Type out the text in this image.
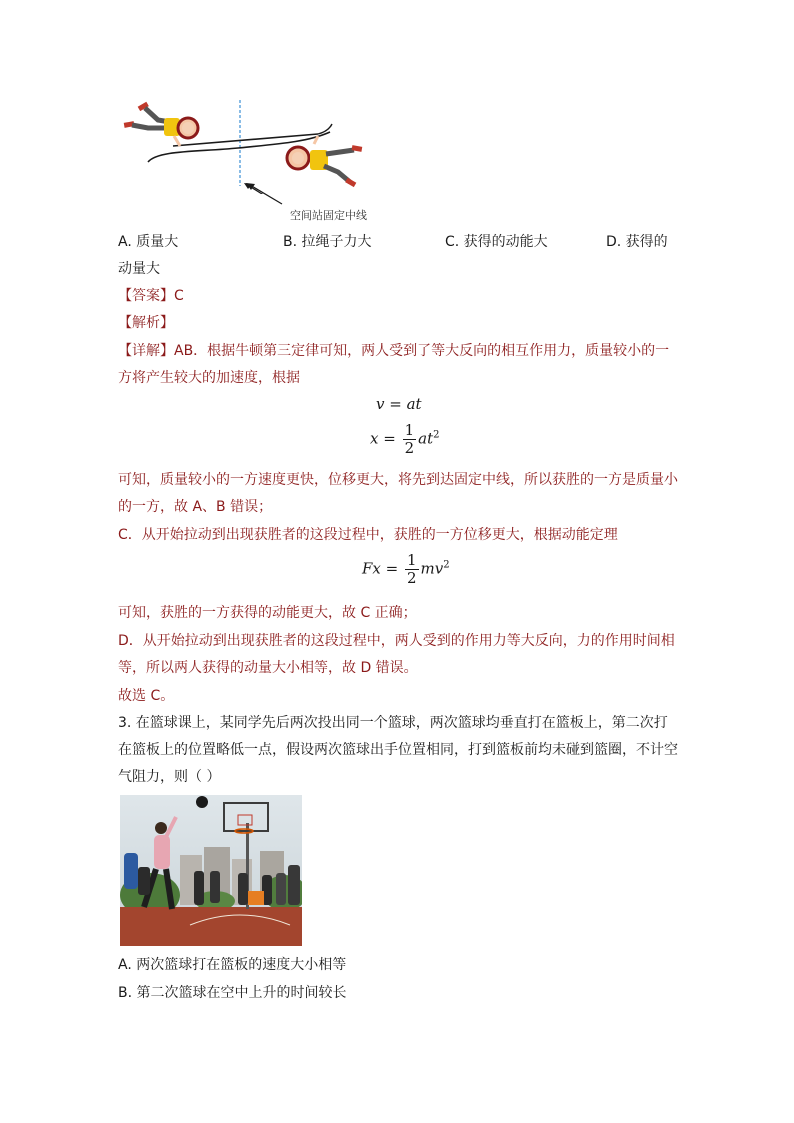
空间站固定中线
A. 质量大	B. 拉绳子力大	C. 获得的动能大	D. 获得的
动量大
【答案】C
【解析】
【详解】AB．根据牛顿第三定律可知，两人受到了等大反向的相互作用力，质量较小的一
方将产生较大的加速度，根据
v = at
$x = \frac{1}{2} at^2$
可知，质量较小的一方速度更快，位移更大，将先到达固定中线，所以获胜的一方是质量小
的一方，故 A、B 错误；
C．从开始拉动到出现获胜者的这段过程中，获胜的一方位移更大，根据动能定理
$Fx = \frac{1}{2} mv^2$
可知，获胜的一方获得的动能更大，故 C 正确；
D．从开始拉动到出现获胜者的这段过程中，两人受到的作用力等大反向，力的作用时间相
等，所以两人获得的动量大小相等，故 D 错误。
故选 C。
3. 在篮球课上，某同学先后两次投出同一个篮球，两次篮球均垂直打在篮板上，第二次打
在篮板上的位置略低一点，假设两次篮球出手位置相同，打到篮板前均未碰到篮圈，不计空
气阻力，则（ ）
A. 两次篮球打在篮板的速度大小相等
B. 第二次篮球在空中上升的时间较长
